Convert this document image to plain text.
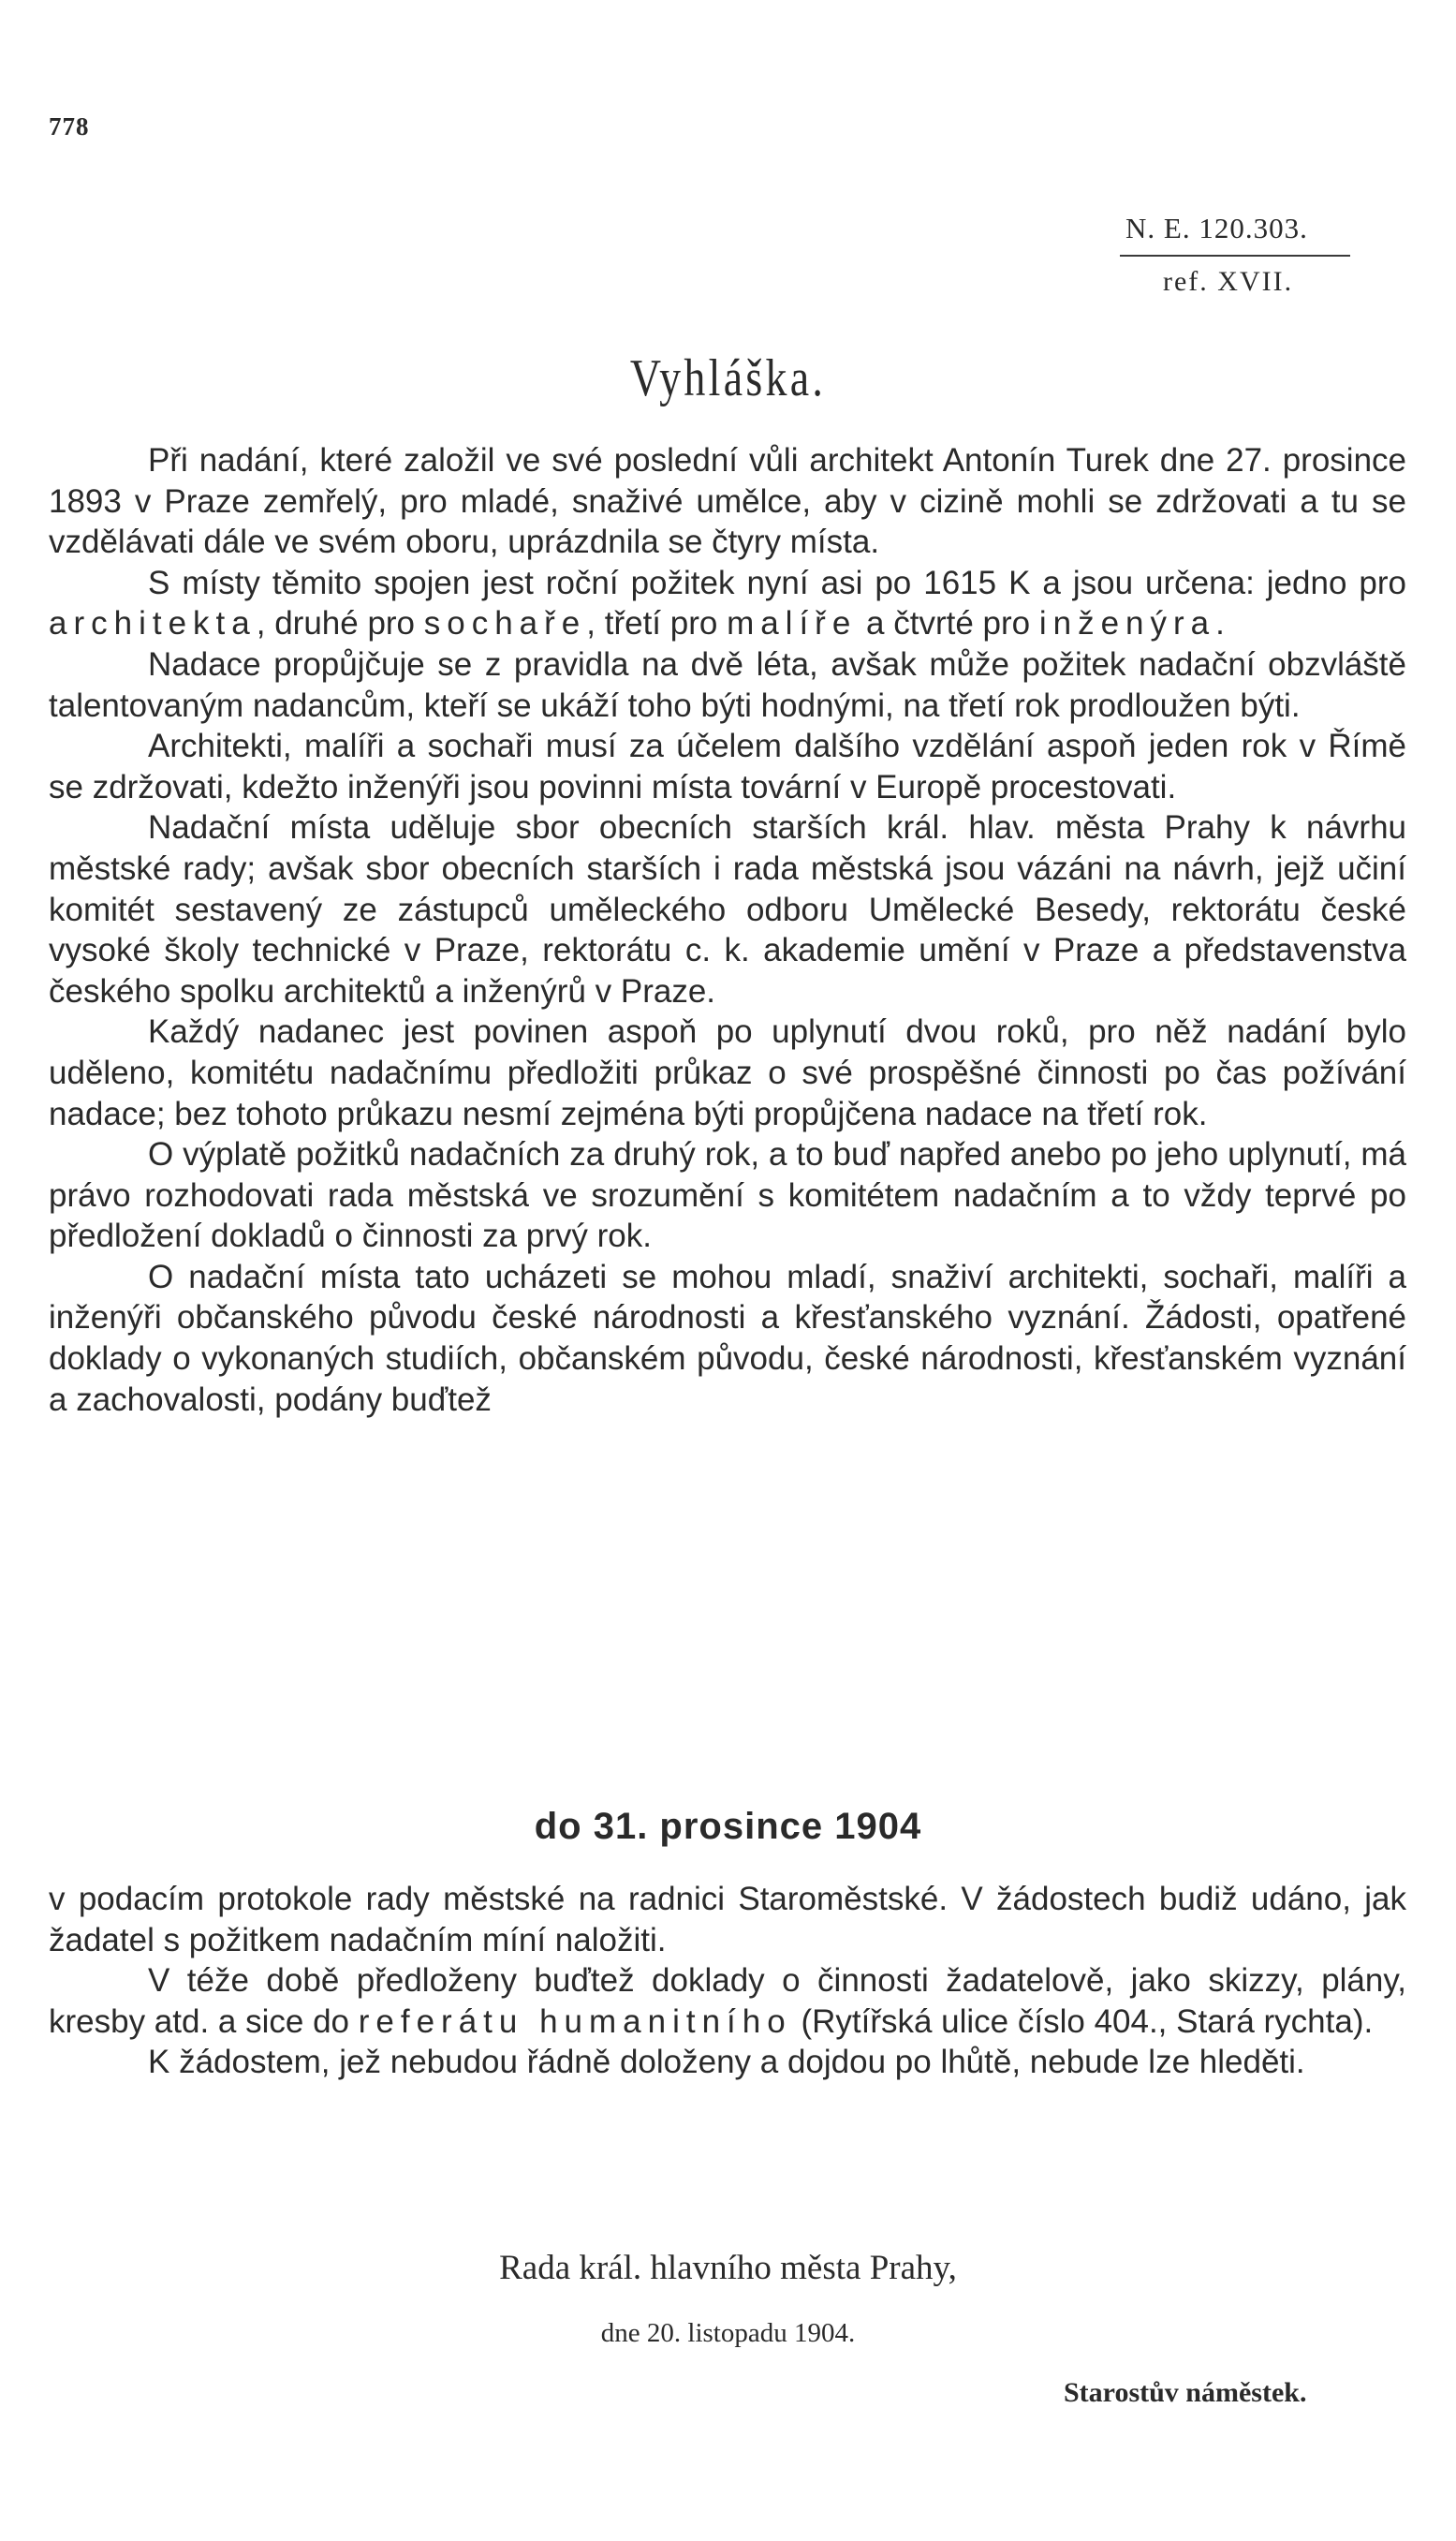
778
N. E. 120.303.
ref. XVII.
Vyhláška.

Při nadání, které založil ve své poslední vůli architekt Antonín Turek dne 27. prosince 1893 v Praze zemřelý, pro mladé, snaživé umělce, aby v cizině mohli se zdržovati a tu se vzdělávati dále ve svém oboru, uprázdnila se čtyry místa.

S místy těmito spojen jest roční požitek nyní asi po 1615 K a jsou určena: jedno pro architekta, druhé pro sochaře, třetí pro malíře a čtvrté pro inženýra.

Nadace propůjčuje se z pravidla na dvě léta, avšak může požitek nadační obzvláště talentovaným nadancům, kteří se ukáží toho býti hodnými, na třetí rok prodloužen býti.

Architekti, malíři a sochaři musí za účelem dalšího vzdělání aspoň jeden rok v Římě se zdržovati, kdežto inženýři jsou povinni místa tovární v Europě procestovati.

Nadační místa uděluje sbor obecních starších král. hlav. města Prahy k návrhu městské rady; avšak sbor obecních starších i rada městská jsou vázáni na návrh, jejž učiní komitét sestavený ze zástupců uměleckého odboru Umělecké Besedy, rektorátu české vysoké školy technické v Praze, rektorátu c. k. akademie umění v Praze a představenstva českého spolku architektů a inženýrů v Praze.

Každý nadanec jest povinen aspoň po uplynutí dvou roků, pro něž nadání bylo uděleno, komitétu nadačnímu předložiti průkaz o své prospěšné činnosti po čas požívání nadace; bez tohoto průkazu nesmí zejména býti propůjčena nadace na třetí rok.

O výplatě požitků nadačních za druhý rok, a to buď napřed anebo po jeho uplynutí, má právo rozhodovati rada městská ve srozumění s komitétem nadačním a to vždy teprvé po předložení dokladů o činnosti za prvý rok.

O nadační místa tato ucházeti se mohou mladí, snaživí architekti, sochaři, malíři a inženýři občanského původu české národnosti a křesťanského vyznání. Žádosti, opatřené doklady o vykonaných studiích, občanském původu, české národnosti, křesťanském vyznání a zachovalosti, podány buďtež

do 31. prosince 1904

v podacím protokole rady městské na radnici Staroměstské. V žádostech budiž udáno, jak žadatel s požitkem nadačním míní naložiti.

V téže době předloženy buďtež doklady o činnosti žadatelově, jako skizzy, plány, kresby atd. a sice do referátu humanitního (Rytířská ulice číslo 404., Stará rychta).

K žádostem, jež nebudou řádně doloženy a dojdou po lhůtě, nebude lze hleděti.

Rada král. hlavního města Prahy,
dne 20. listopadu 1904.
Starostův náměstek.
